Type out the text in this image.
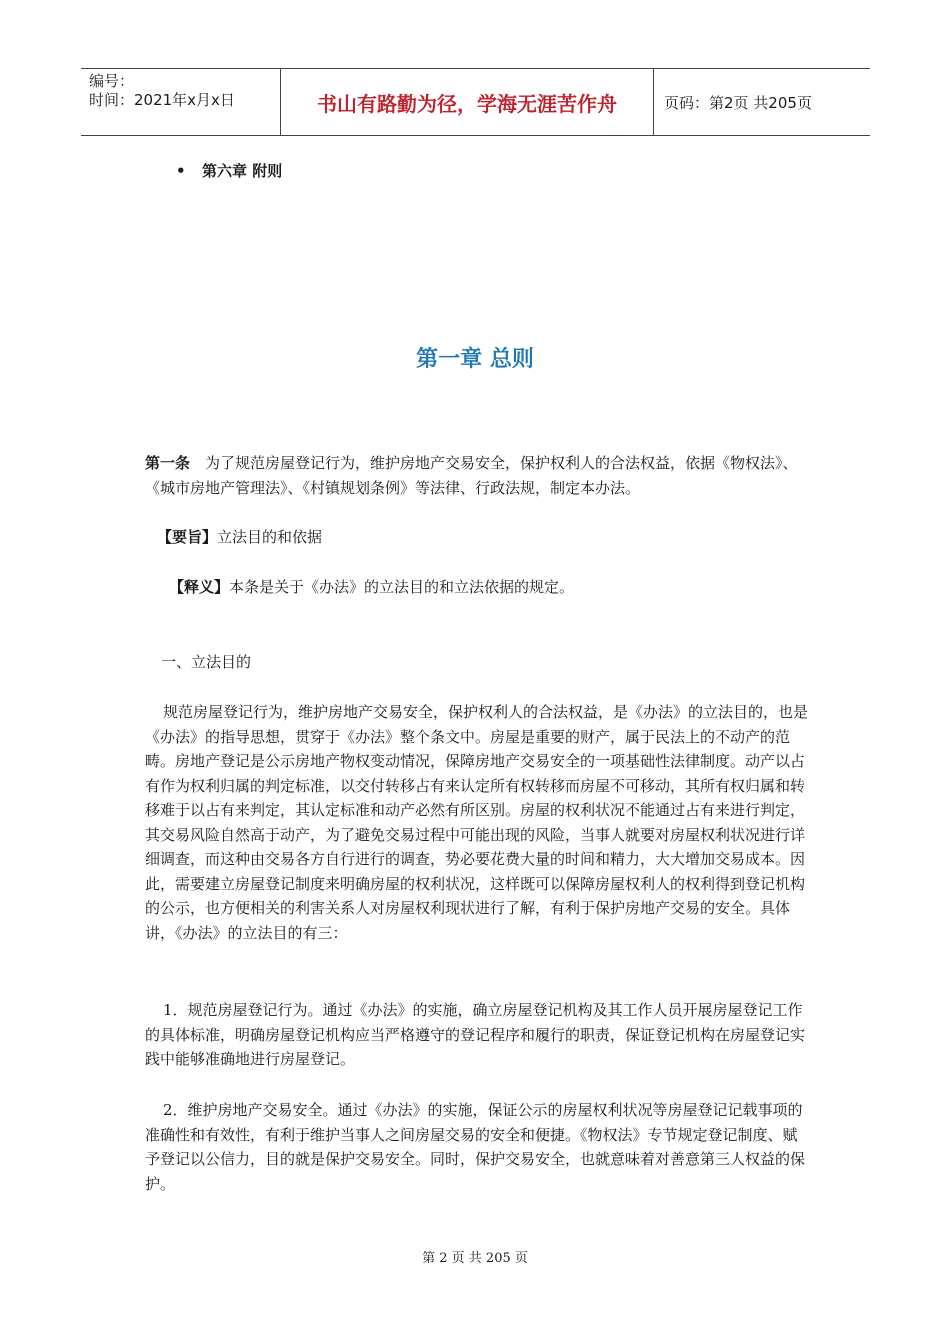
编号：
时间：2021年x月x日	书山有路勤为径，学海无涯苦作舟	页码：第2页 共205页
• 第六章 附则
第一章 总则

第一条 为了规范房屋登记行为，维护房地产交易安全，保护权利人的合法权益，依据《物权法》、《城市房地产管理法》、《村镇规划条例》等法律、行政法规，制定本办法。

【要旨】立法目的和依据

【释义】本条是关于《办法》的立法目的和立法依据的规定。

一、立法目的

规范房屋登记行为，维护房地产交易安全，保护权利人的合法权益，是《办法》的立法目的，也是《办法》的指导思想，贯穿于《办法》整个条文中。房屋是重要的财产，属于民法上的不动产的范畴。房地产登记是公示房地产物权变动情况，保障房地产交易安全的一项基础性法律制度。动产以占有作为权利归属的判定标准，以交付转移占有来认定所有权转移而房屋不可移动，其所有权归属和转移难于以占有来判定，其认定标准和动产必然有所区别。房屋的权利状况不能通过占有来进行判定，其交易风险自然高于动产，为了避免交易过程中可能出现的风险，当事人就要对房屋权利状况进行详细调查，而这种由交易各方自行进行的调查，势必要花费大量的时间和精力，大大增加交易成本。因此，需要建立房屋登记制度来明确房屋的权利状况，这样既可以保障房屋权利人的权利得到登记机构的公示，也方便相关的利害关系人对房屋权利现状进行了解，有利于保护房地产交易的安全。具体讲，《办法》的立法目的有三：

1．规范房屋登记行为。通过《办法》的实施，确立房屋登记机构及其工作人员开展房屋登记工作的具体标准，明确房屋登记机构应当严格遵守的登记程序和履行的职责，保证登记机构在房屋登记实践中能够准确地进行房屋登记。

2．维护房地产交易安全。通过《办法》的实施，保证公示的房屋权利状况等房屋登记记载事项的准确性和有效性，有利于维护当事人之间房屋交易的安全和便捷。《物权法》专节规定登记制度、赋予登记以公信力，目的就是保护交易安全。同时，保护交易安全，也就意味着对善意第三人权益的保护。

第 2 页 共 205 页
